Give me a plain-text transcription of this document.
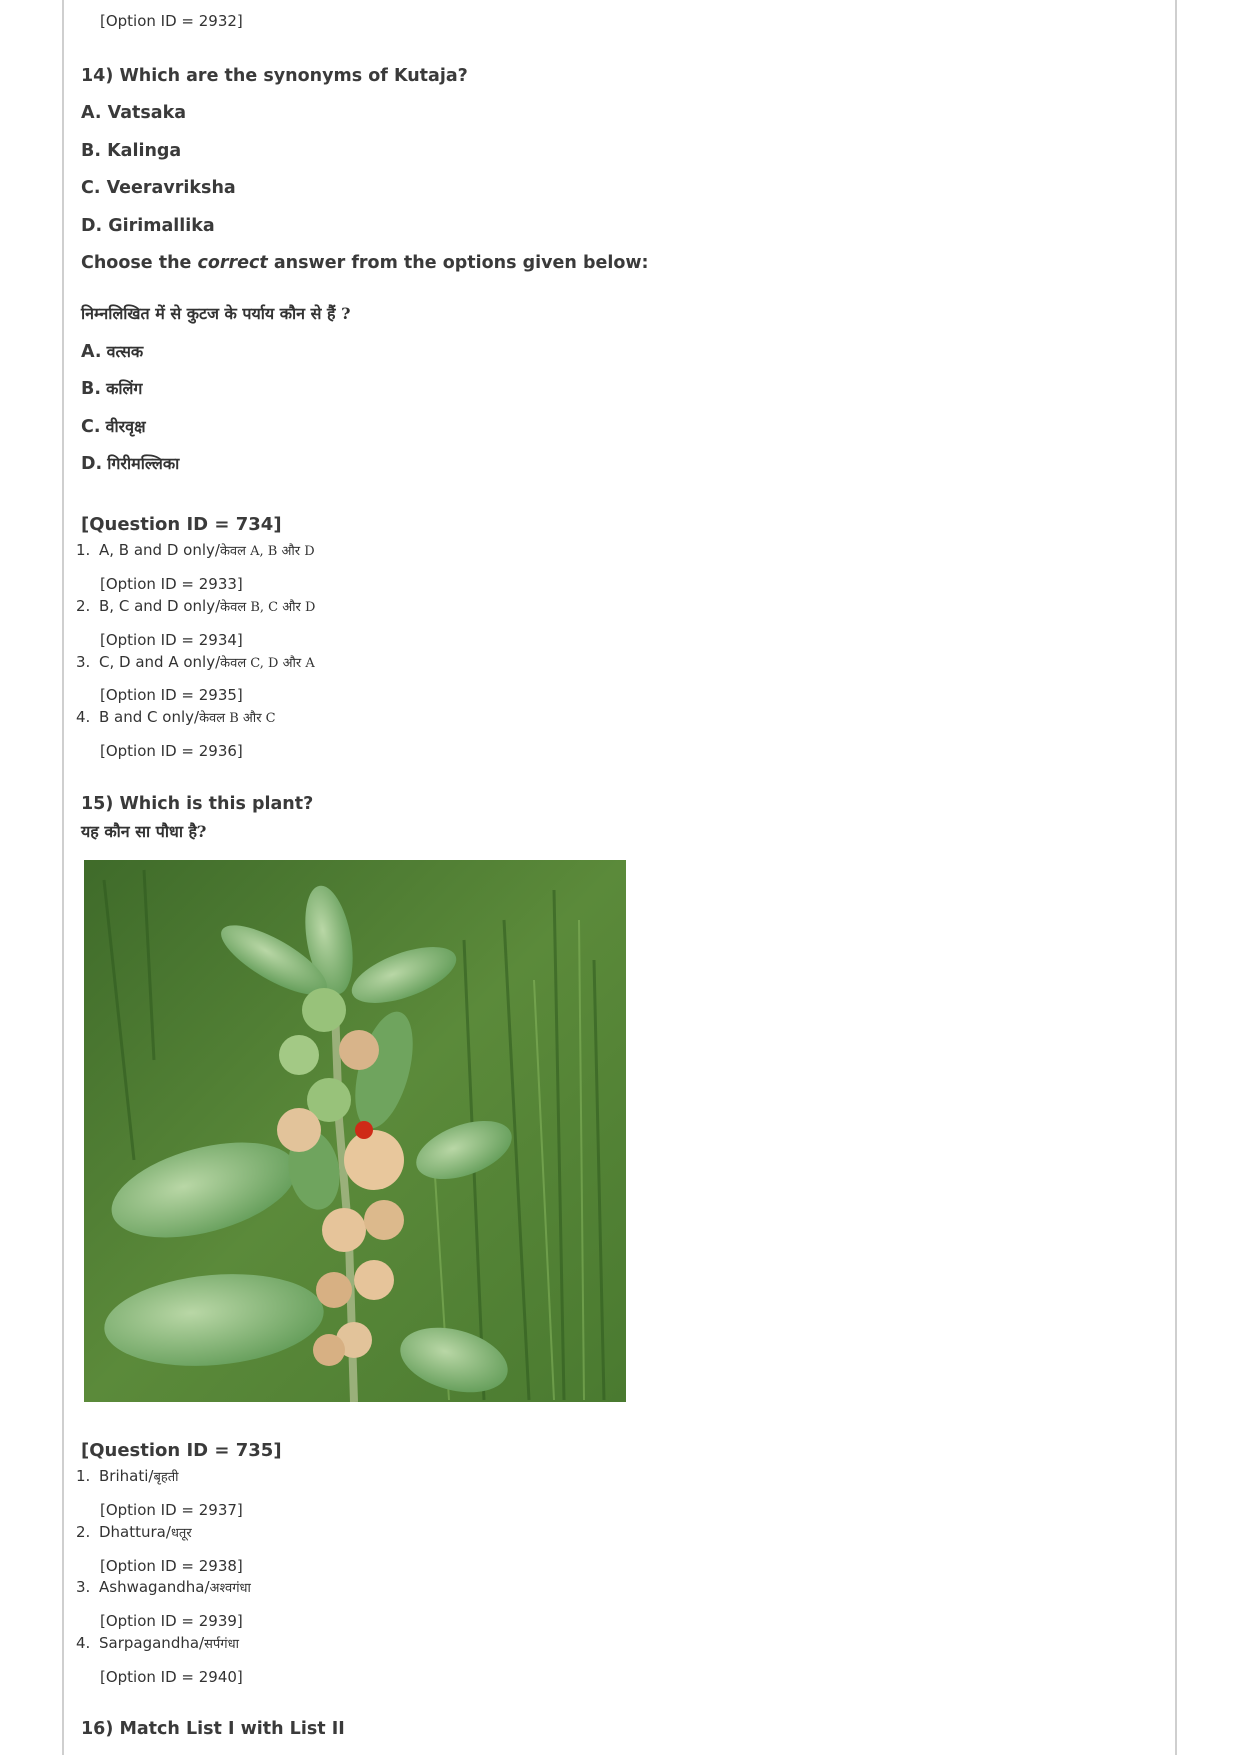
[Option ID = 2932]
14) Which are the synonyms of Kutaja?
A. Vatsaka
B. Kalinga
C. Veeravriksha
D. Girimallika
Choose the correct answer from the options given below:
निम्नलिखित में से कुटज के पर्याय कौन से हैं ?
A. वत्सक
B. कलिंग
C. वीरवृक्ष
D. गिरीमल्लिका
[Question ID = 734]
1. A, B and D only/केवल A, B और D
[Option ID = 2933]
2. B, C and D only/केवल B, C और D
[Option ID = 2934]
3. C, D and A only/केवल C, D और A
[Option ID = 2935]
4. B and C only/केवल B और C
[Option ID = 2936]
15) Which is this plant?
यह कौन सा पौधा है?
[Question ID = 735]
1. Brihati/बृहती
[Option ID = 2937]
2. Dhattura/धतूर
[Option ID = 2938]
3. Ashwagandha/अश्वगंधा
[Option ID = 2939]
4. Sarpagandha/सर्पगंधा
[Option ID = 2940]
16) Match List I with List II
